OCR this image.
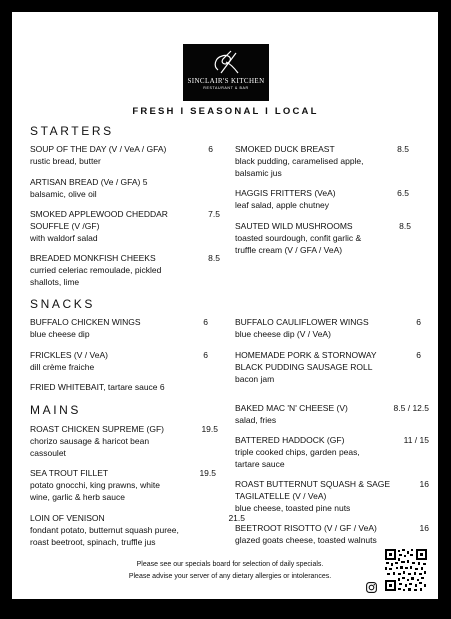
SINCLAIR'S KITCHEN
RESTAURANT & BAR
FRESH I SEASONAL I LOCAL
STARTERS
SNACKS
MAINS
SOUP OF THE DAY (V / VeA / GFA)	6
rustic bread, butter
ARTISAN BREAD (Ve / GFA) 5
balsamic, olive oil
SMOKED APPLEWOOD CHEDDAR	7.5
SOUFFLE (V /GF)
with waldorf salad
BREADED MONKFISH CHEEKS	8.5
curried celeriac remoulade, pickled
shallots, lime
SMOKED DUCK BREAST	8.5
black pudding, caramelised apple,
balsamic jus
HAGGIS FRITTERS (VeA)	6.5
leaf salad, apple chutney
SAUTED WILD MUSHROOMS	8.5
toasted sourdough, confit garlic &
truffle cream (V / GFA / VeA)
BUFFALO CHICKEN WINGS	6
blue cheese dip
FRICKLES (V / VeA)	6
dill crème fraiche
FRIED WHITEBAIT, tartare sauce 6
BUFFALO CAULIFLOWER WINGS	6
blue cheese dip (V / VeA)
HOMEMADE PORK & STORNOWAY	6
BLACK PUDDING SAUSAGE ROLL
bacon jam
ROAST CHICKEN SUPREME (GF)	19.5
chorizo sausage & haricot bean
cassoulet
SEA TROUT FILLET	19.5
potato gnocchi, king prawns, white
wine, garlic & herb sauce
LOIN OF VENISON	21.5
fondant potato, butternut squash puree,
roast beetroot, spinach, truffle jus
BAKED MAC 'N' CHEESE (V)	8.5 / 12.5
salad, fries
BATTERED HADDOCK (GF)	11 / 15
triple cooked chips, garden peas,
tartare sauce
ROAST BUTTERNUT SQUASH & SAGE	16
TAGILATELLE (V / VeA)
blue cheese, toasted pine nuts
BEETROOT RISOTTO (V / GF / VeA)	16
glazed goats cheese, toasted walnuts
Please see our specials board for selection of daily specials.
Please advise your server of any dietary allergies or intolerances.
